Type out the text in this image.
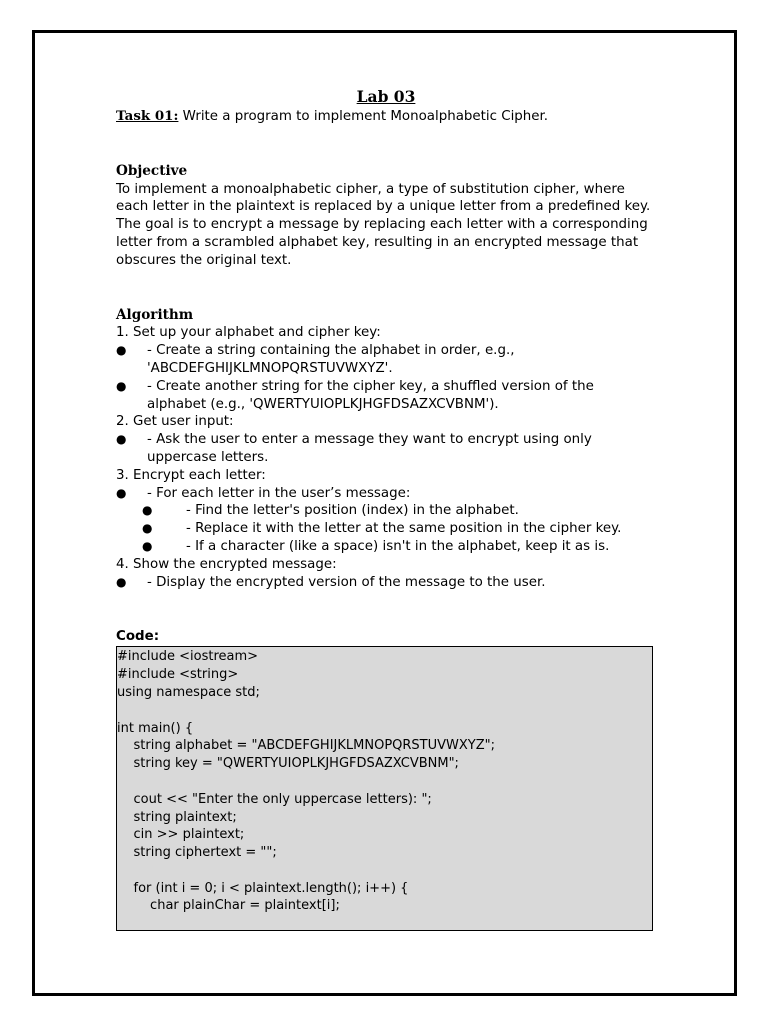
Lab 03

Task 01: Write a program to implement Monoalphabetic Cipher.

Objective

To implement a monoalphabetic cipher, a type of substitution cipher, where each letter in the plaintext is replaced by a unique letter from a predefined key. The goal is to encrypt a message by replacing each letter with a corresponding letter from a scrambled alphabet key, resulting in an encrypted message that obscures the original text.

Algorithm

1. Set up your alphabet and cipher key:

● - Create a string containing the alphabet in order, e.g., 'ABCDEFGHIJKLMNOPQRSTUVWXYZ'.

● - Create another string for the cipher key, a shuffled version of the alphabet (e.g., 'QWERTYUIOPLKJHGFDSAZXCVBNM').

2. Get user input:

● - Ask the user to enter a message they want to encrypt using only uppercase letters.

3. Encrypt each letter:

● - For each letter in the user’s message:

● - Find the letter's position (index) in the alphabet.

● - Replace it with the letter at the same position in the cipher key.

● - If a character (like a space) isn't in the alphabet, keep it as is.

4. Show the encrypted message:

● - Display the encrypted version of the message to the user.

Code:
#include <iostream>
#include <string>
using namespace std;

int main() {
string alphabet = "ABCDEFGHIJKLMNOPQRSTUVWXYZ";
string key = "QWERTYUIOPLKJHGFDSAZXCVBNM";

cout << "Enter the only uppercase letters): ";
string plaintext;
cin >> plaintext;
string ciphertext = "";

for (int i = 0; i < plaintext.length(); i++) {
char plainChar = plaintext[i];
